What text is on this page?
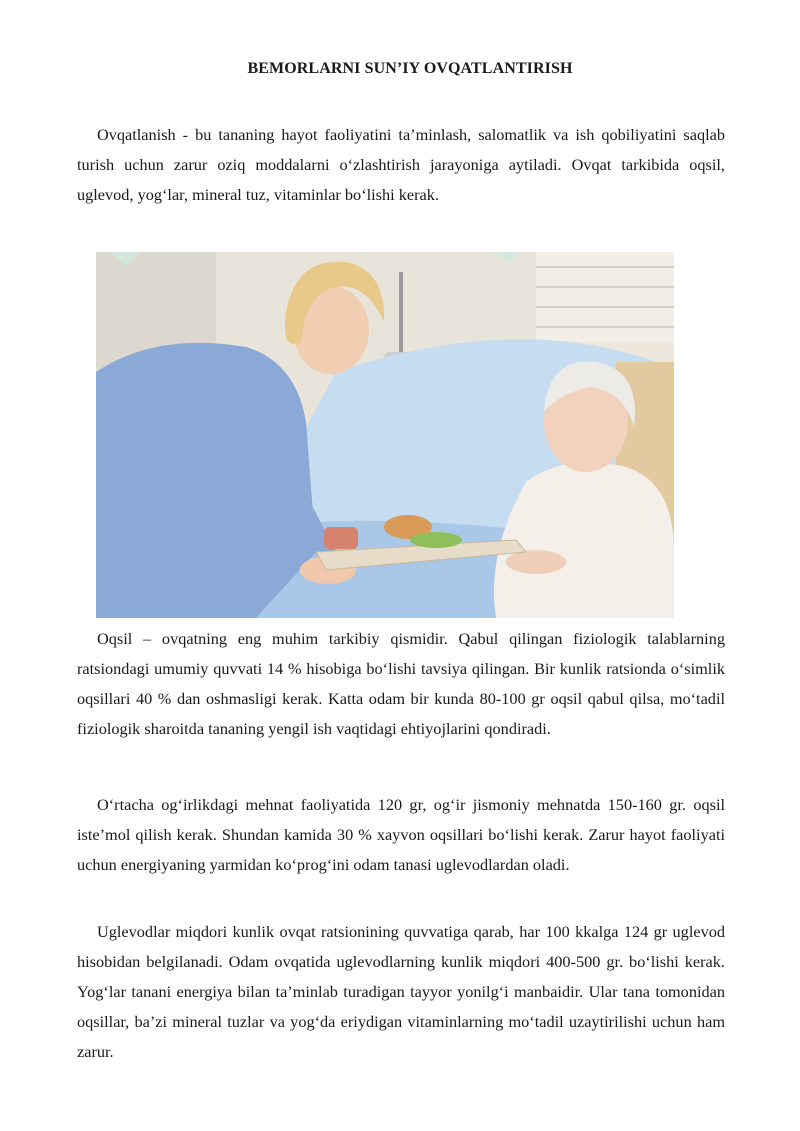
BEMORLARNI SUN’IY OVQATLANTIRISH

Ovqatlanish - bu tananing hayot faoliyatini ta’minlash, salomatlik va ish qobiliyatini saqlab turish uchun zarur oziq moddalarni oʻzlashtirish jarayoniga aytiladi. Ovqat tarkibida oqsil, uglevod, yogʻlar, mineral tuz, vitaminlar boʻlishi kerak.

Oqsil – ovqatning eng muhim tarkibiy qismidir. Qabul qilingan fiziologik talablarning ratsiondagi umumiy quvvati 14 % hisobiga boʻlishi tavsiya qilingan. Bir kunlik ratsionda oʻsimlik oqsillari 40 % dan oshmasligi kerak. Katta odam bir kunda 80-100 gr oqsil qabul qilsa, moʻtadil fiziologik sharoitda tananing yengil ish vaqtidagi ehtiyojlarini qondiradi.

Oʻrtacha ogʻirlikdagi mehnat faoliyatida 120 gr, ogʻir jismoniy mehnatda 150-160 gr. oqsil iste’mol qilish kerak. Shundan kamida 30 % xayvon oqsillari boʻlishi kerak. Zarur hayot faoliyati uchun energiyaning yarmidan koʻprogʻini odam tanasi uglevodlardan oladi.

Uglevodlar miqdori kunlik ovqat ratsionining quvvatiga qarab, har 100 kkalga 124 gr uglevod hisobidan belgilanadi. Odam ovqatida uglevodlarning kunlik miqdori 400-500 gr. boʻlishi kerak. Yogʻlar tanani energiya bilan ta’minlab turadigan tayyor yonilgʻi manbaidir. Ular tana tomonidan oqsillar, ba’zi mineral tuzlar va yogʻda eriydigan vitaminlarning moʻtadil uzaytirilishi uchun ham zarur.
